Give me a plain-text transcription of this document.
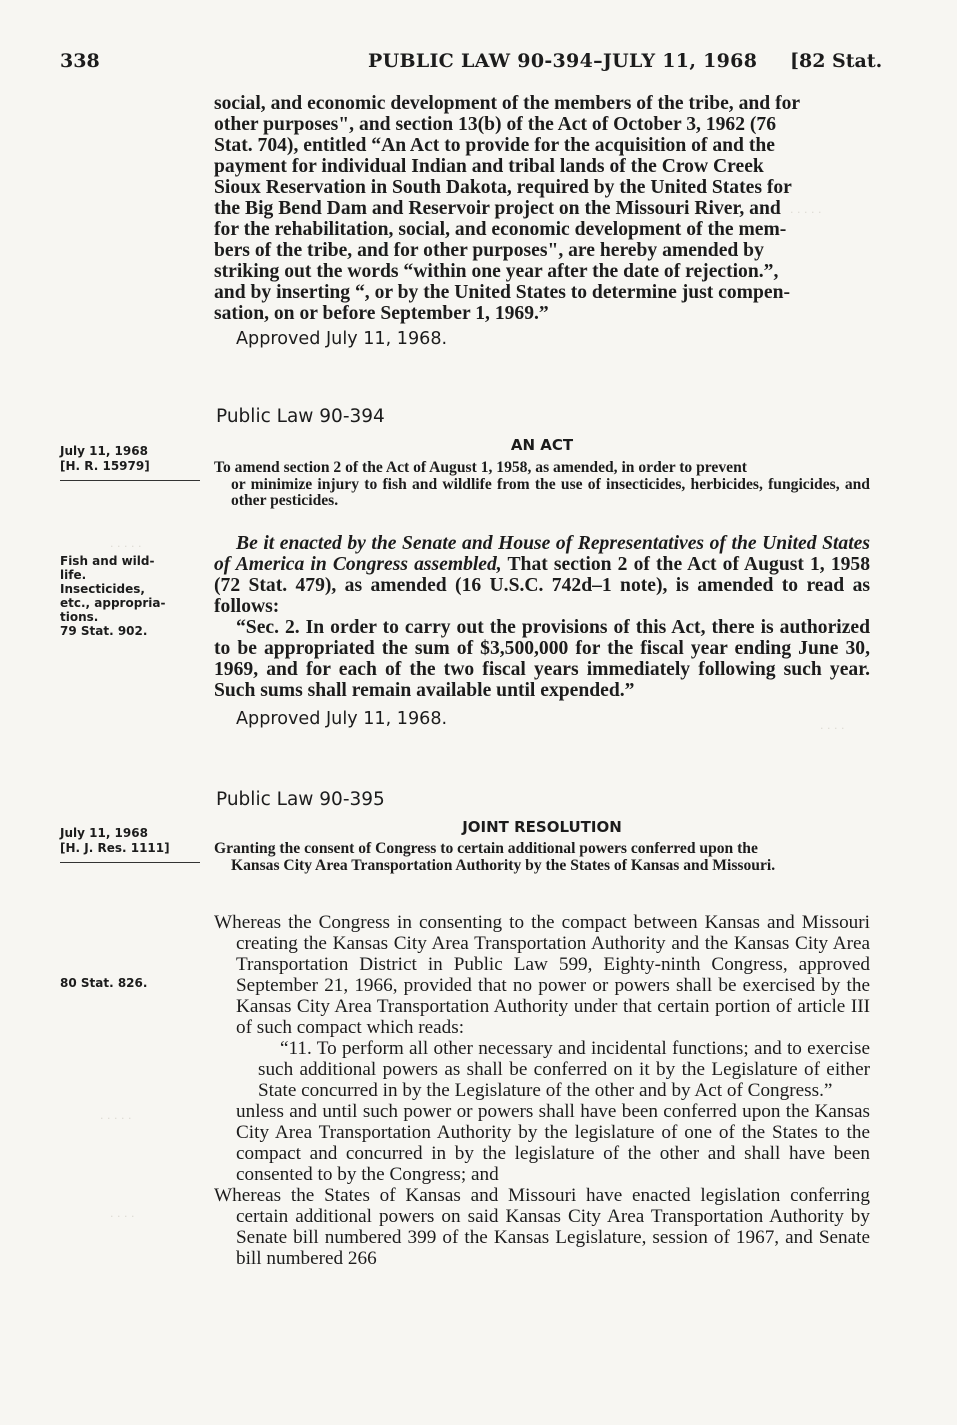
338	PUBLIC LAW 90-394–JULY 11, 1968 [82 Stat.
· · · · ·
· · · · ·
· · · ·
· · · · ·
· · · ·
social, and economic development of the members of the tribe, and for
other purposes", and section 13(b) of the Act of October 3, 1962 (76
Stat. 704), entitled “An Act to provide for the acquisition of and the
payment for individual Indian and tribal lands of the Crow Creek
Sioux Reservation in South Dakota, required by the United States for
the Big Bend Dam and Reservoir project on the Missouri River, and
for the rehabilitation, social, and economic development of the mem-
bers of the tribe, and for other purposes", are hereby amended by
striking out the words “within one year after the date of rejection.”,
and by inserting “, or by the United States to determine just compen-
sation, on or before September 1, 1969.”
Approved July 11, 1968.
Public Law 90-394
AN ACT
July 11, 1968
[H. R. 15979]	To amend section 2 of the Act of August 1, 1958, as amended, in order to prevent
or minimize injury to fish and wildlife from the use of insecticides, herbicides, fungicides, and other pesticides.
Fish and wild-
life.
Insecticides,
etc., appropria-
tions.
79 Stat. 902.

Be it enacted by the Senate and House of Representatives of the United States of America in Congress assembled, That section 2 of the Act of August 1, 1958 (72 Stat. 479), as amended (16 U.S.C. 742d–1 note), is amended to read as follows:

“Sec. 2. In order to carry out the provisions of this Act, there is authorized to be appropriated the sum of $3,500,000 for the fiscal year ending June 30, 1969, and for each of the two fiscal years immediately following such year. Such sums shall remain available until expended.”

Approved July 11, 1968.
Public Law 90-395
JOINT RESOLUTION
July 11, 1968
[H. J. Res. 1111]	Granting the consent of Congress to certain additional powers conferred upon the
Kansas City Area Transportation Authority by the States of Kansas and Missouri.
80 Stat. 826.

Whereas the Congress in consenting to the compact between Kansas and Missouri creating the Kansas City Area Transportation Authority and the Kansas City Area Transportation District in Public Law 599, Eighty-ninth Congress, approved September 21, 1966, provided that no power or powers shall be exercised by the Kansas City Area Transportation Authority under that certain portion of article III of such compact which reads:

“11. To perform all other necessary and incidental functions; and to exercise such additional powers as shall be conferred on it by the Legislature of either State concurred in by the Legislature of the other and by Act of Congress.”

unless and until such power or powers shall have been conferred upon the Kansas City Area Transportation Authority by the legislature of one of the States to the compact and concurred in by the legislature of the other and shall have been consented to by the Congress; and

Whereas the States of Kansas and Missouri have enacted legislation conferring certain additional powers on said Kansas City Area Transportation Authority by Senate bill numbered 399 of the Kansas Legislature, session of 1967, and Senate bill numbered 266
